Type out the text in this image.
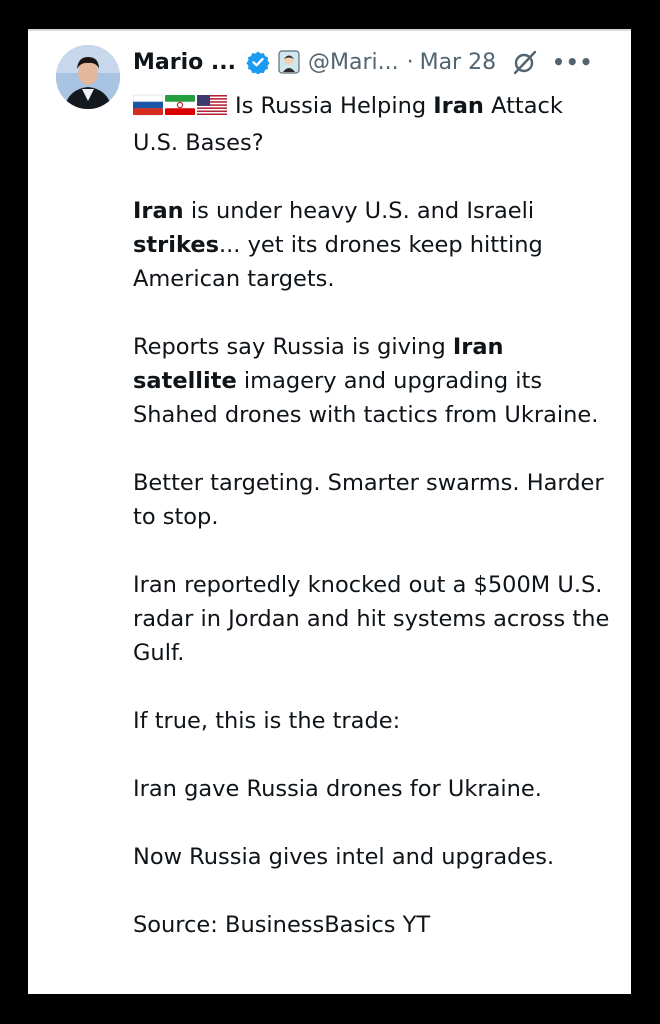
Mario ...	@Mari... · Mar 28	•••

Is Russia Helping Iran Attack U.S. Bases?

Iran is under heavy U.S. and Israeli strikes... yet its drones keep hitting American targets.

Reports say Russia is giving Iran satellite imagery and upgrading its Shahed drones with tactics from Ukraine.

Better targeting. Smarter swarms. Harder to stop.

Iran reportedly knocked out a $500M U.S. radar in Jordan and hit systems across the Gulf.

If true, this is the trade:

Iran gave Russia drones for Ukraine.

Now Russia gives intel and upgrades.

Source: BusinessBasics YT
